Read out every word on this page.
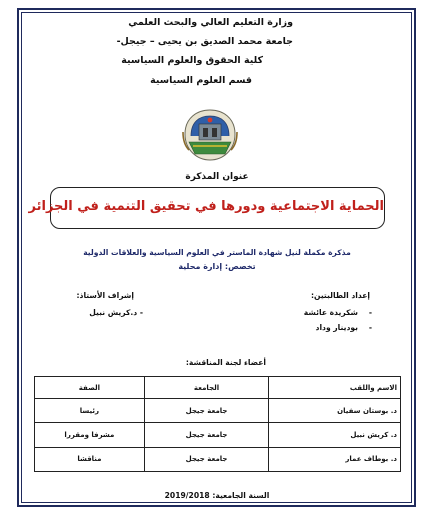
وزارة التعليم العالي والبحث العلمي
جامعة محمد الصديق بن يحيى – جيجل-
كلية الحقوق والعلوم السياسية
قسم العلوم السياسية
عنوان المذكرة
الحماية الاجتماعية ودورها في تحقيق التنمية في الجزائر
مذكرة مكملة لنيل شهادة الماستر في العلوم السياسية والعلاقات الدولية
تخصص: إدارة محلية
إعداد الطالبتين:
إشراف الأستاذ:
-
شكريدة عائشة
- د.كريش نبيل
-
بودينار وداد
أعضاء لجنة المناقشة:
الاسم واللقب	الجامعة	الصفة
د. بوستان سفيان	جامعة جيجل	رئيسا
د. كريش نبيل	جامعة جيجل	مشرفا ومقررا
د. بوطاف عمار	جامعة جيجل	مناقشا
السنة الجامعية: 2019/2018
